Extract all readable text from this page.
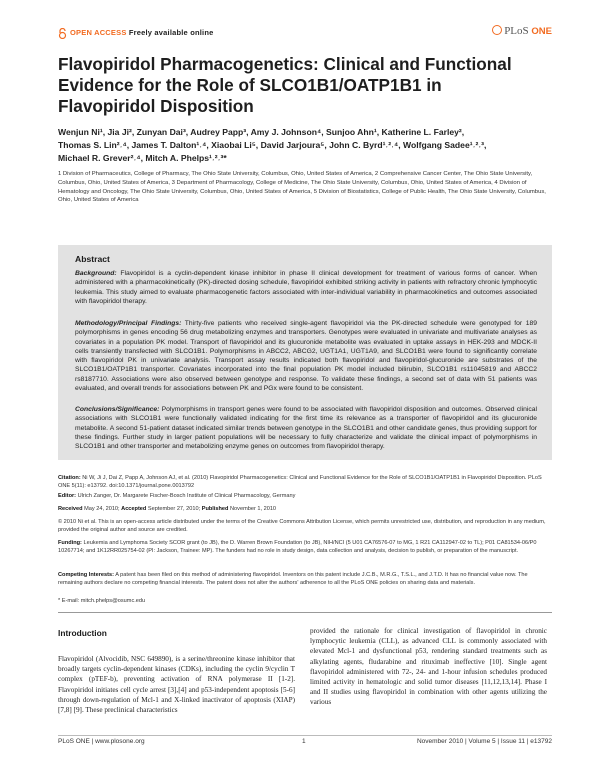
OPEN ACCESS Freely available online	PLoS ONE
Flavopiridol Pharmacogenetics: Clinical and Functional Evidence for the Role of SLCO1B1/OATP1B1 in Flavopiridol Disposition
Wenjun Ni¹, Jia Ji², Zunyan Dai³, Audrey Papp³, Amy J. Johnson⁴, Sunjoo Ahn¹, Katherine L. Farley²,
Thomas S. Lin²˒⁴, James T. Dalton¹˒⁴, Xiaobai Li⁵, David Jarjoura⁵, John C. Byrd¹˒²˒⁴, Wolfgang Sadee¹˒²˒³,
Michael R. Grever²˒⁴, Mitch A. Phelps¹˒²˒³*
1 Division of Pharmaceutics, College of Pharmacy, The Ohio State University, Columbus, Ohio, United States of America, 2 Comprehensive Cancer Center, The Ohio State University, Columbus, Ohio, United States of America, 3 Department of Pharmacology, College of Medicine, The Ohio State University, Columbus, Ohio, United States of America, 4 Division of Hematology and Oncology, The Ohio State University, Columbus, Ohio, United States of America, 5 Division of Biostatistics, College of Public Health, The Ohio State University, Columbus, Ohio, United States of America
Abstract
Background: Flavopiridol is a cyclin-dependent kinase inhibitor in phase II clinical development for treatment of various forms of cancer. When administered with a pharmacokinetically (PK)-directed dosing schedule, flavopiridol exhibited striking activity in patients with refractory chronic lymphocytic leukemia. This study aimed to evaluate pharmacogenetic factors associated with inter-individual variability in pharmacokinetics and outcomes associated with flavopiridol therapy.
Methodology/Principal Findings: Thirty-five patients who received single-agent flavopiridol via the PK-directed schedule were genotyped for 189 polymorphisms in genes encoding 56 drug metabolizing enzymes and transporters. Genotypes were evaluated in univariate and multivariate analyses as covariates in a population PK model. Transport of flavopiridol and its glucuronide metabolite was evaluated in uptake assays in HEK-293 and MDCK-II cells transiently transfected with SLCO1B1. Polymorphisms in ABCC2, ABCG2, UGT1A1, UGT1A9, and SLCO1B1 were found to significantly correlate with flavopiridol PK in univariate analysis. Transport assay results indicated both flavopiridol and flavopiridol-glucuronide are substrates of the SLCO1B1/OATP1B1 transporter. Covariates incorporated into the final population PK model included bilirubin, SLCO1B1 rs11045819 and ABCC2 rs8187710. Associations were also observed between genotype and response. To validate these findings, a second set of data with 51 patients was evaluated, and overall trends for associations between PK and PGx were found to be consistent.
Conclusions/Significance: Polymorphisms in transport genes were found to be associated with flavopiridol disposition and outcomes. Observed clinical associations with SLCO1B1 were functionally validated indicating for the first time its relevance as a transporter of flavopiridol and its glucuronide metabolite. A second 51-patient dataset indicated similar trends between genotype in the SLCO1B1 and other candidate genes, thus providing support for these findings. Further study in larger patient populations will be necessary to fully characterize and validate the clinical impact of polymorphisms in SLCO1B1 and other transporter and metabolizing enzyme genes on outcomes from flavopiridol therapy.
Citation: Ni W, Ji J, Dai Z, Papp A, Johnson AJ, et al. (2010) Flavopiridol Pharmacogenetics: Clinical and Functional Evidence for the Role of SLCO1B1/OATP1B1 in Flavopiridol Disposition. PLoS ONE 5(11): e13792. doi:10.1371/journal.pone.0013792
Editor: Ulrich Zanger, Dr. Margarete Fischer-Bosch Institute of Clinical Pharmacology, Germany
Received May 24, 2010; Accepted September 27, 2010; Published November 1, 2010
© 2010 Ni et al. This is an open-access article distributed under the terms of the Creative Commons Attribution License, which permits unrestricted use, distribution, and reproduction in any medium, provided the original author and source are credited.
Funding: Leukemia and Lymphoma Society SCOR grant (to JB), the D. Warren Brown Foundation (to JB), NIH/NCI (5 U01 CA76576-07 to MG, 1 R21 CA112947-02 to TL); P01 CA81534-06/P0 10267714; and 1K12RR025754-02 (PI: Jackson, Trainee: MP). The funders had no role in study design, data collection and analysis, decision to publish, or preparation of the manuscript.
Competing Interests: A patent has been filed on this method of administering flavopiridol. Inventors on this patent include J.C.B., M.R.G., T.S.L., and J.T.D. It has no financial value now. The remaining authors declare no competing financial interests. The patent does not alter the authors' adherence to all the PLoS ONE policies on sharing data and materials.
* E-mail: mitch.phelps@osumc.edu
Introduction
Flavopiridol (Alvocidib, NSC 649890), is a serine/threonine kinase inhibitor that broadly targets cyclin-dependent kinases (CDKs), including the cyclin 9/cyclin T complex (pTEF-b), preventing activation of RNA polymerase II [1-2]. Flavopiridol initiates cell cycle arrest [3],[4] and p53-independent apoptosis [5-6] through down-regulation of Mcl-1 and X-linked inactivator of apoptosis (XIAP) [7,8] [9]. These preclinical characteristics
provided the rationale for clinical investigation of flavopiridol in chronic lymphocytic leukemia (CLL), as advanced CLL is commonly associated with elevated Mcl-1 and dysfunctional p53, rendering standard treatments such as alkylating agents, fludarabine and rituximab ineffective [10]. Single agent flavopiridol administered with 72-, 24- and 1-hour infusion schedules produced limited activity in hematologic and solid tumor diseases [11,12,13,14]. Phase I and II studies using flavopiridol in combination with other agents utilizing the various
PLoS ONE | www.plosone.org	1	November 2010 | Volume 5 | Issue 11 | e13792
